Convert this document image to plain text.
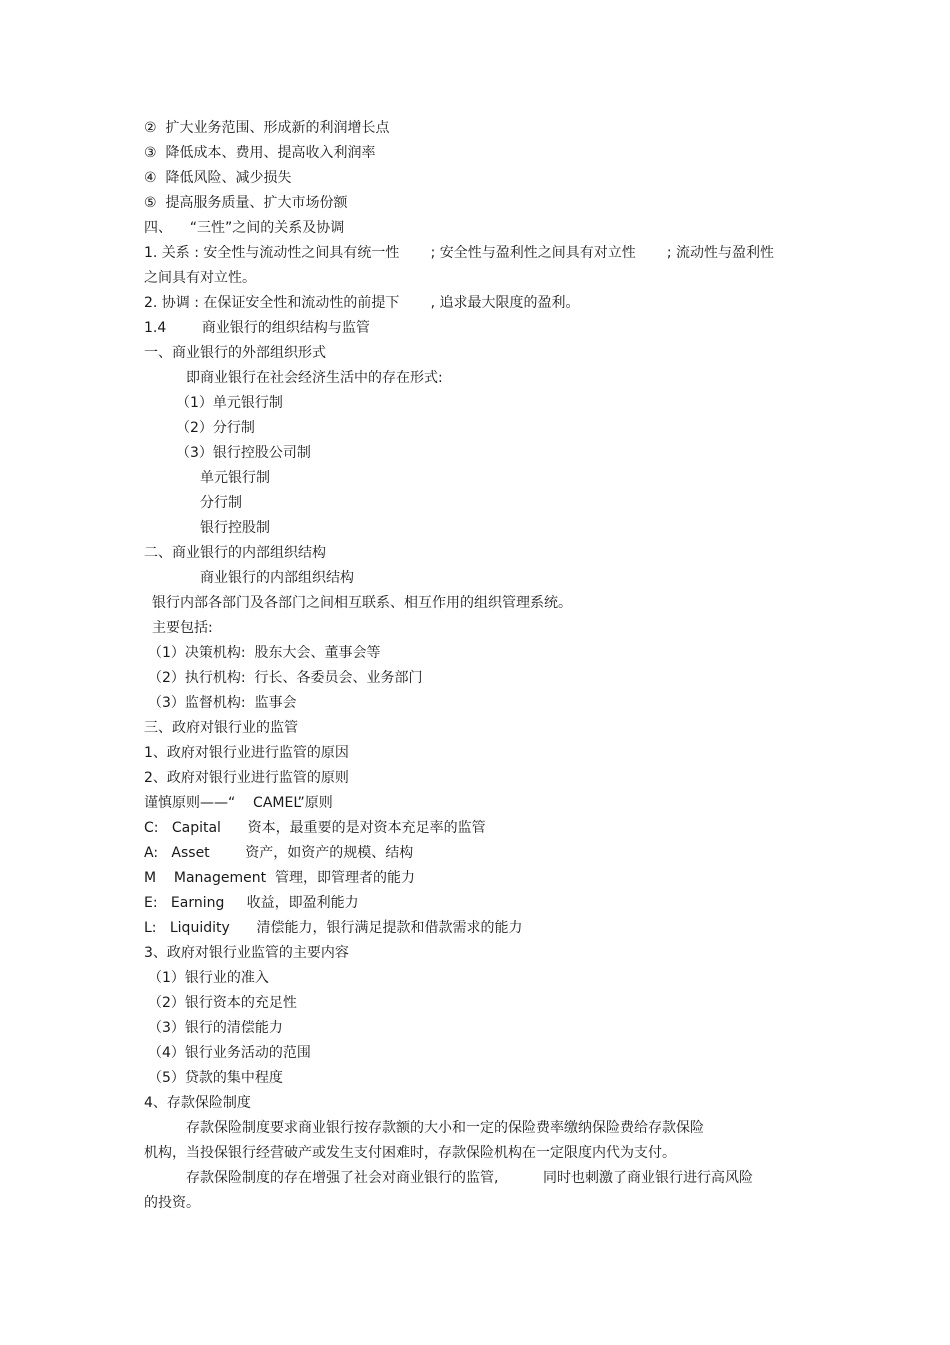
②  扩大业务范围、形成新的利润增长点
③  降低成本、费用、提高收入利润率
④  降低风险、减少损失
⑤  提高服务质量、扩大市场份额
四、    “三性”之间的关系及协调
1. 关系 : 安全性与流动性之间具有统一性       ; 安全性与盈利性之间具有对立性       ; 流动性与盈利性
之间具有对立性。
2. 协调 : 在保证安全性和流动性的前提下       , 追求最大限度的盈利。
1.4        商业银行的组织结构与监管
一、商业银行的外部组织形式
即商业银行在社会经济生活中的存在形式:
（1）单元银行制
（2）分行制
（3）银行控股公司制
单元银行制
分行制
银行控股制
二、商业银行的内部组织结构
商业银行的内部组织结构
银行内部各部门及各部门之间相互联系、相互作用的组织管理系统。
主要包括:
（1）决策机构:  股东大会、董事会等
（2）执行机构:  行长、各委员会、业务部门
（3）监督机构:  监事会
三、政府对银行业的监管
1、政府对银行业进行监管的原因
2、政府对银行业进行监管的原则
谨慎原则——“    CAMEL”原则
C:   Capital      资本，最重要的是对资本充足率的监管
A:   Asset        资产，如资产的规模、结构
M    Management  管理，即管理者的能力
E:   Earning     收益，即盈利能力
L:   Liquidity      清偿能力，银行满足提款和借款需求的能力
3、政府对银行业监管的主要内容
（1）银行业的准入
（2）银行资本的充足性
（3）银行的清偿能力
（4）银行业务活动的范围
（5）贷款的集中程度
4、存款保险制度
存款保险制度要求商业银行按存款额的大小和一定的保险费率缴纳保险费给存款保险
机构，当投保银行经营破产或发生支付困难时，存款保险机构在一定限度内代为支付。
存款保险制度的存在增强了社会对商业银行的监管,          同时也刺激了商业银行进行高风险
的投资。
